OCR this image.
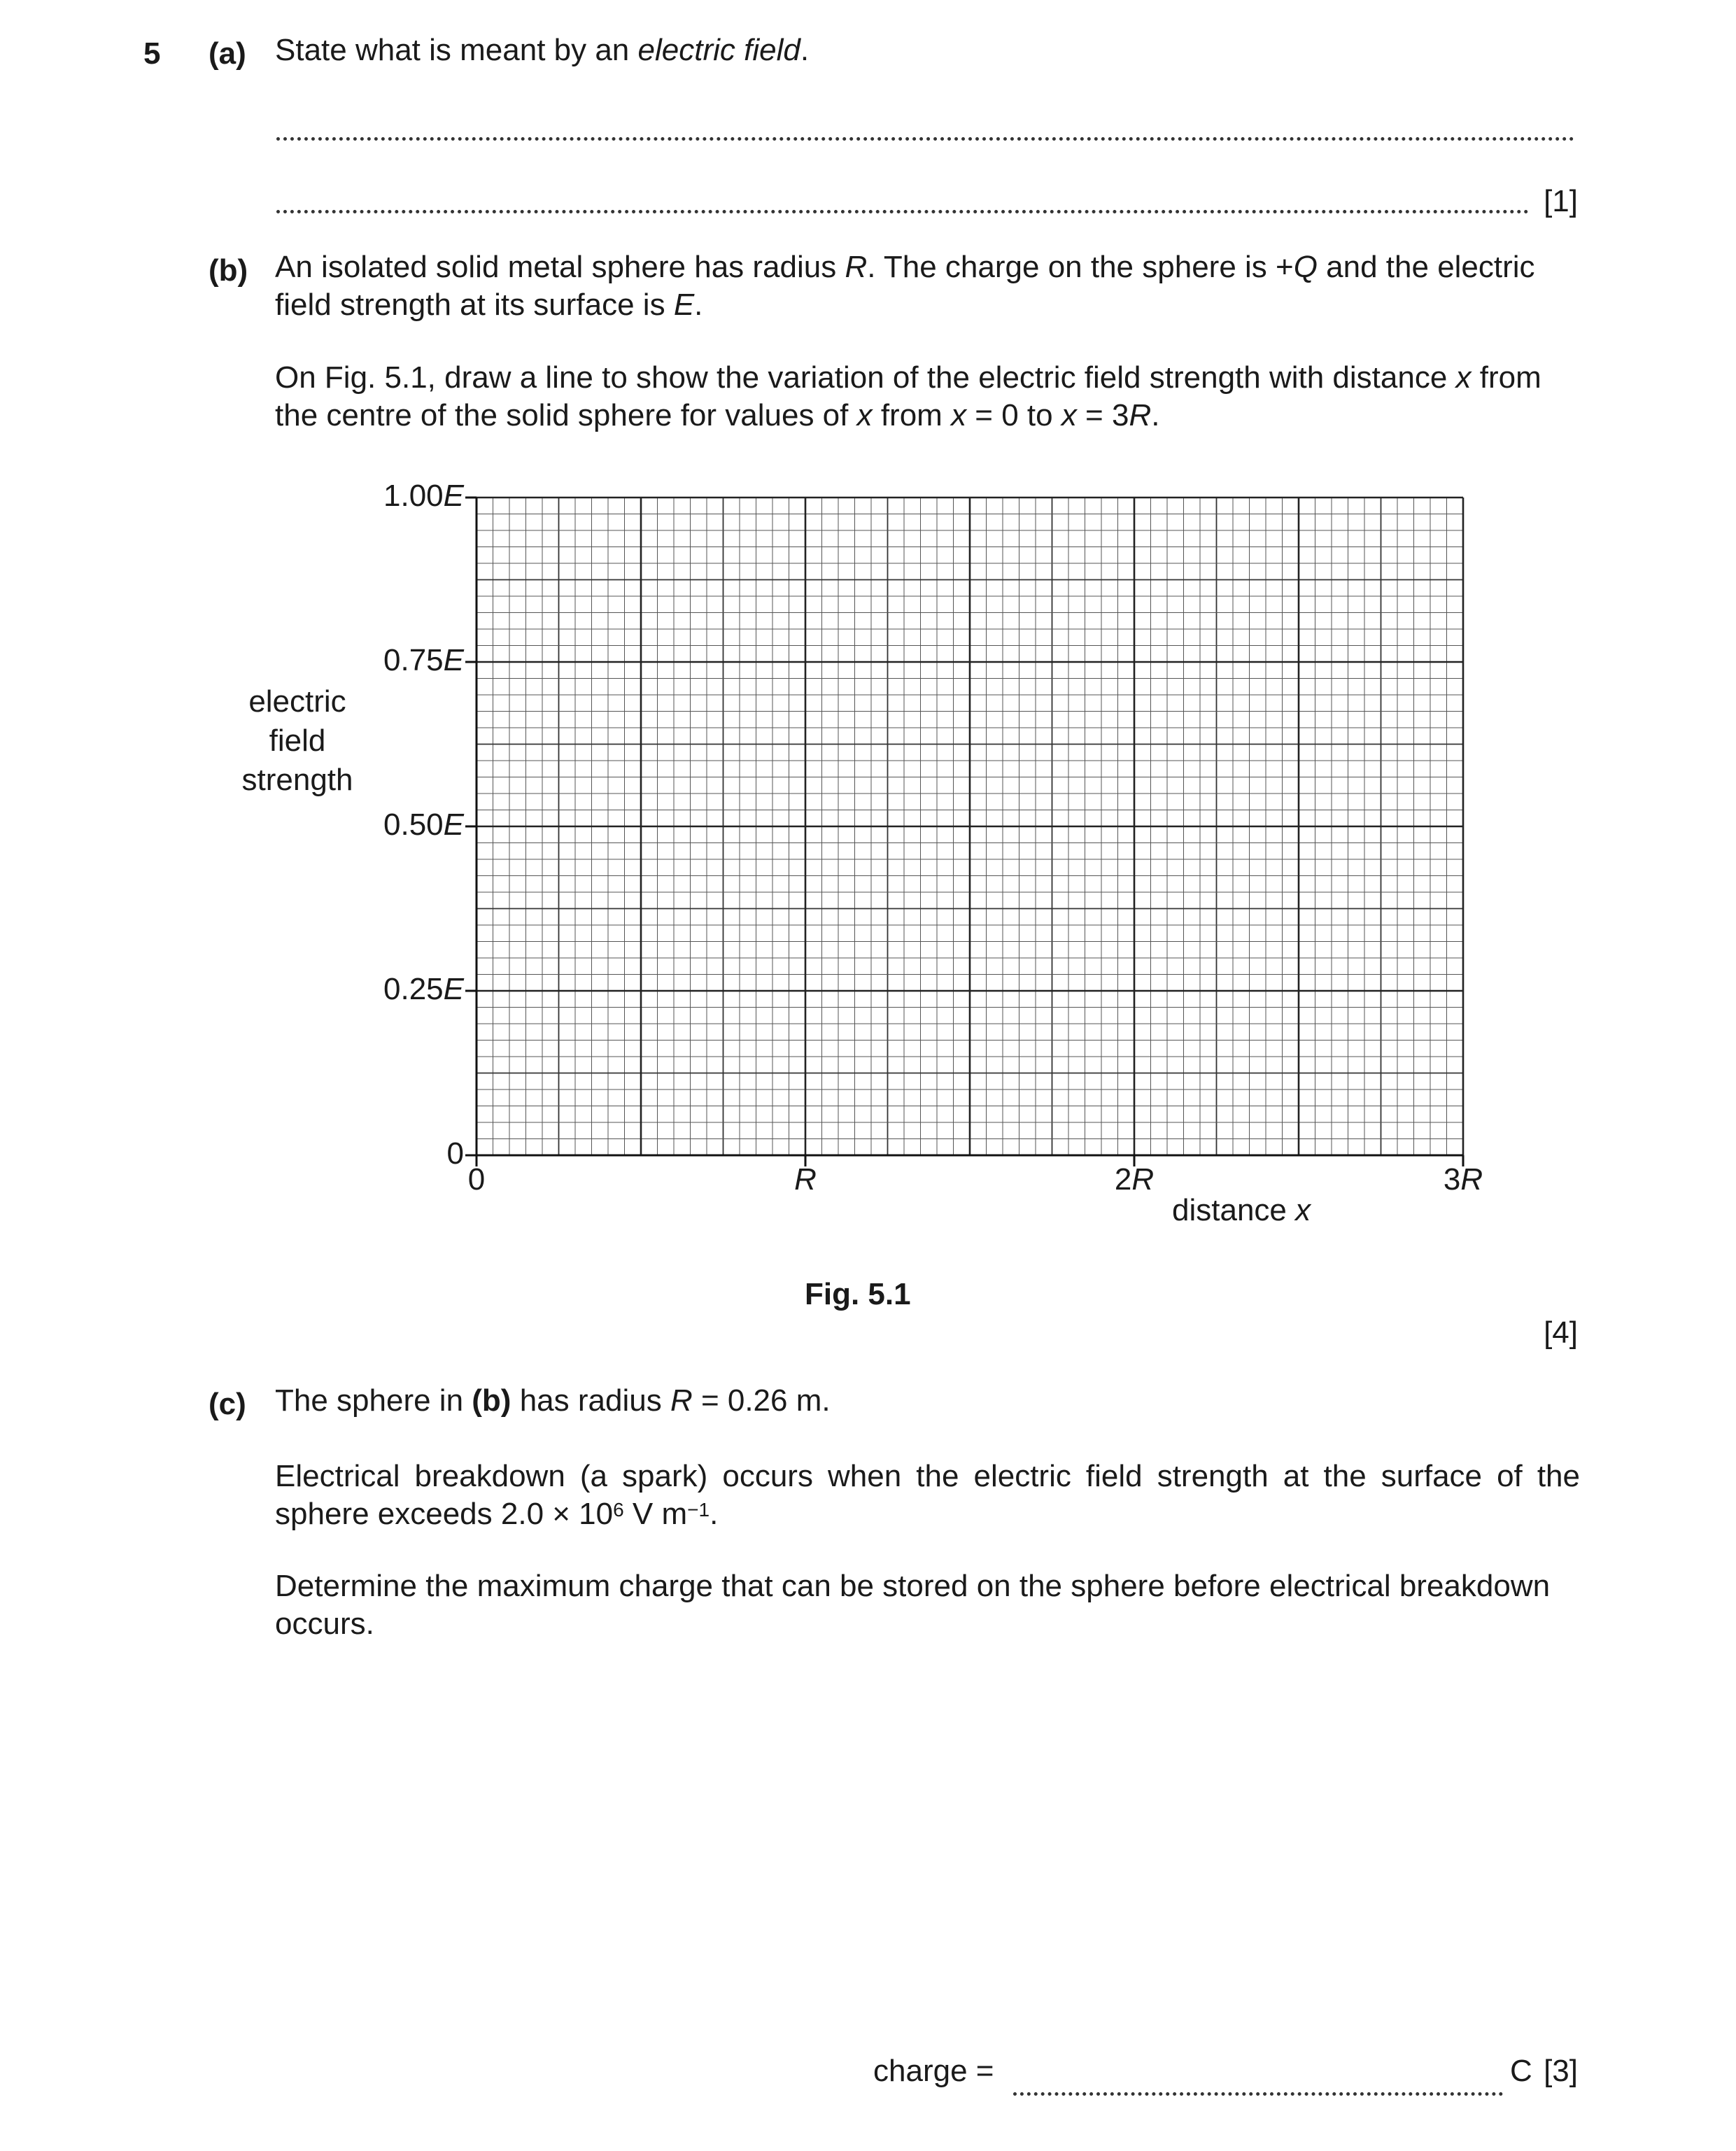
5 (a) State what is meant by an electric field.
[1]
(b) An isolated solid metal sphere has radius R. The charge on the sphere is +Q and the electric
field strength at its surface is E.
On Fig. 5.1, draw a line to show the variation of the electric field strength with distance x from
the centre of the solid sphere for values of x from x = 0 to x = 3R.
1.00E
0.75E
0.50E
0.25E
0
0	R	2R	3R
electric
field
strength
distance x
Fig. 5.1
[4]
(c) The sphere in (b) has radius R = 0.26 m.
Electrical breakdown (a spark) occurs when the electric field strength at the surface of the
sphere exceeds $2.0 \times 10^6$ V $m^{-1}$.
Determine the maximum charge that can be stored on the sphere before electrical breakdown
occurs.
charge =	C [3]
